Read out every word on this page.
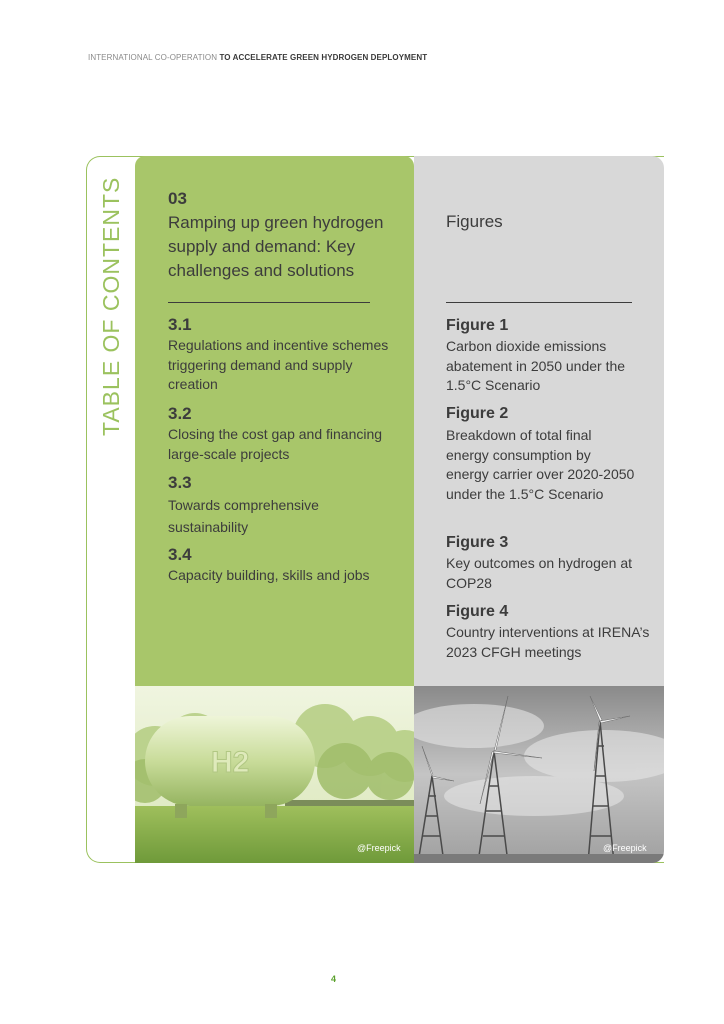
INTERNATIONAL CO-OPERATION TO ACCELERATE GREEN HYDROGEN DEPLOYMENT
TABLE OF CONTENTS	03
Ramping up green hydrogen supply and demand: Key challenges and solutions
3.1
Regulations and incentive schemes triggering demand and supply creation
3.2
Closing the cost gap and financing large-scale projects
3.3
Towards comprehensive sustainability
3.4
Capacity building, skills and jobs
Figures
Figure 1
Carbon dioxide emissions abatement in 2050 under the 1.5°C Scenario
Figure 2
Breakdown of total final energy consumption by energy carrier over 2020-2050 under the 1.5°C Scenario
Figure 3
Key outcomes on hydrogen at COP28
Figure 4
Country interventions at IRENA’s 2023 CFGH meetings
H2
@Freepick	@Freepick
4
